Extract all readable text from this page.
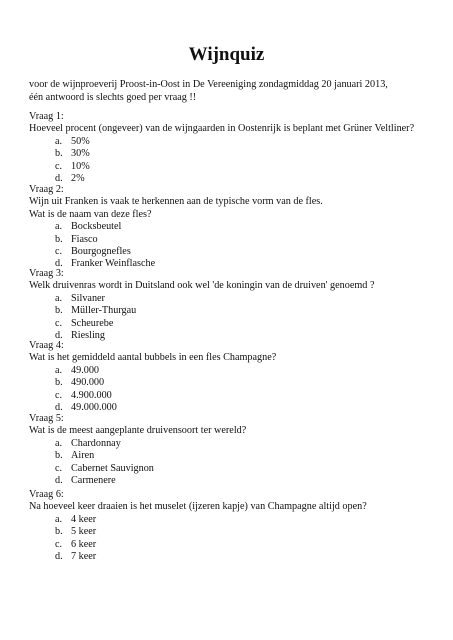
Wijnquiz
voor de wijnproeverij Proost-in-Oost in De Vereeniging zondagmiddag 20 januari 2013,
één antwoord is slechts goed per vraag !!
Vraag 1:
Hoeveel procent (ongeveer) van de wijngaarden in Oostenrijk is beplant met Grüner Veltliner?
a. 50%
b. 30%
c. 10%
d. 2%
Vraag 2:
Wijn uit Franken is vaak te herkennen aan de typische vorm van de fles.
Wat is de naam van deze fles?
a. Bocksbeutel
b. Fiasco
c. Bourgognefles
d. Franker Weinflasche
Vraag 3:
Welk druivenras wordt in Duitsland ook wel 'de koningin van de druiven' genoemd ?
a. Silvaner
b. Müller-Thurgau
c. Scheurebe
d. Riesling
Vraag 4:
Wat is het gemiddeld aantal bubbels in een fles Champagne?
a. 49.000
b. 490.000
c. 4.900.000
d. 49.000.000
Vraag 5:
Wat is de meest aangeplante druivensoort ter wereld?
a. Chardonnay
b. Airen
c. Cabernet Sauvignon
d. Carmenere
Vraag 6:
Na hoeveel keer draaien is het muselet (ijzeren kapje) van Champagne altijd open?
a. 4 keer
b. 5 keer
c. 6 keer
d. 7 keer
